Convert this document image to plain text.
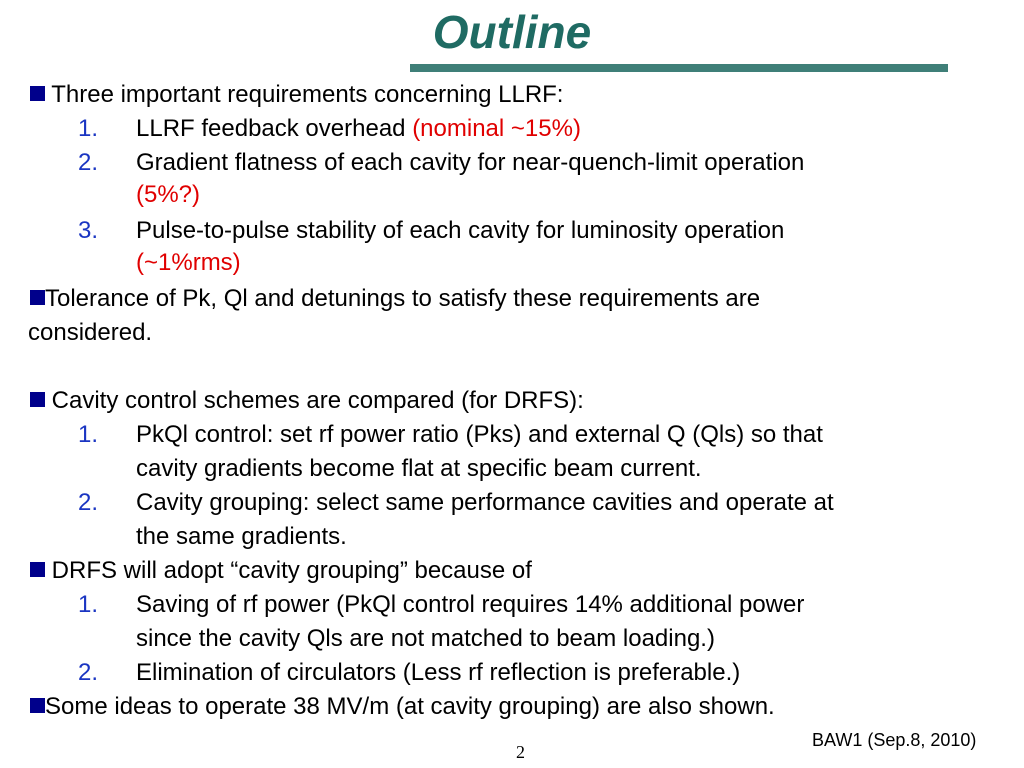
Outline
Three important requirements concerning LLRF:
1. LLRF feedback overhead (nominal ~15%)
2. Gradient flatness of each cavity for near-quench-limit operation
(5%?)
3. Pulse-to-pulse stability of each cavity for luminosity operation
(~1%rms)
Tolerance of Pk, Ql and detunings to satisfy these requirements are
considered.
Cavity control schemes are compared (for DRFS):
1. PkQl control: set rf power ratio (Pks) and external Q (Qls) so that
cavity gradients become flat at specific beam current.
2. Cavity grouping: select same performance cavities and operate at
the same gradients.
DRFS will adopt “cavity grouping” because of
1. Saving of rf power (PkQl control requires 14% additional power
since the cavity Qls are not matched to beam loading.)
2. Elimination of circulators (Less rf reflection is preferable.)
Some ideas to operate 38 MV/m (at cavity grouping) are also shown.
2
BAW1 (Sep.8, 2010)
